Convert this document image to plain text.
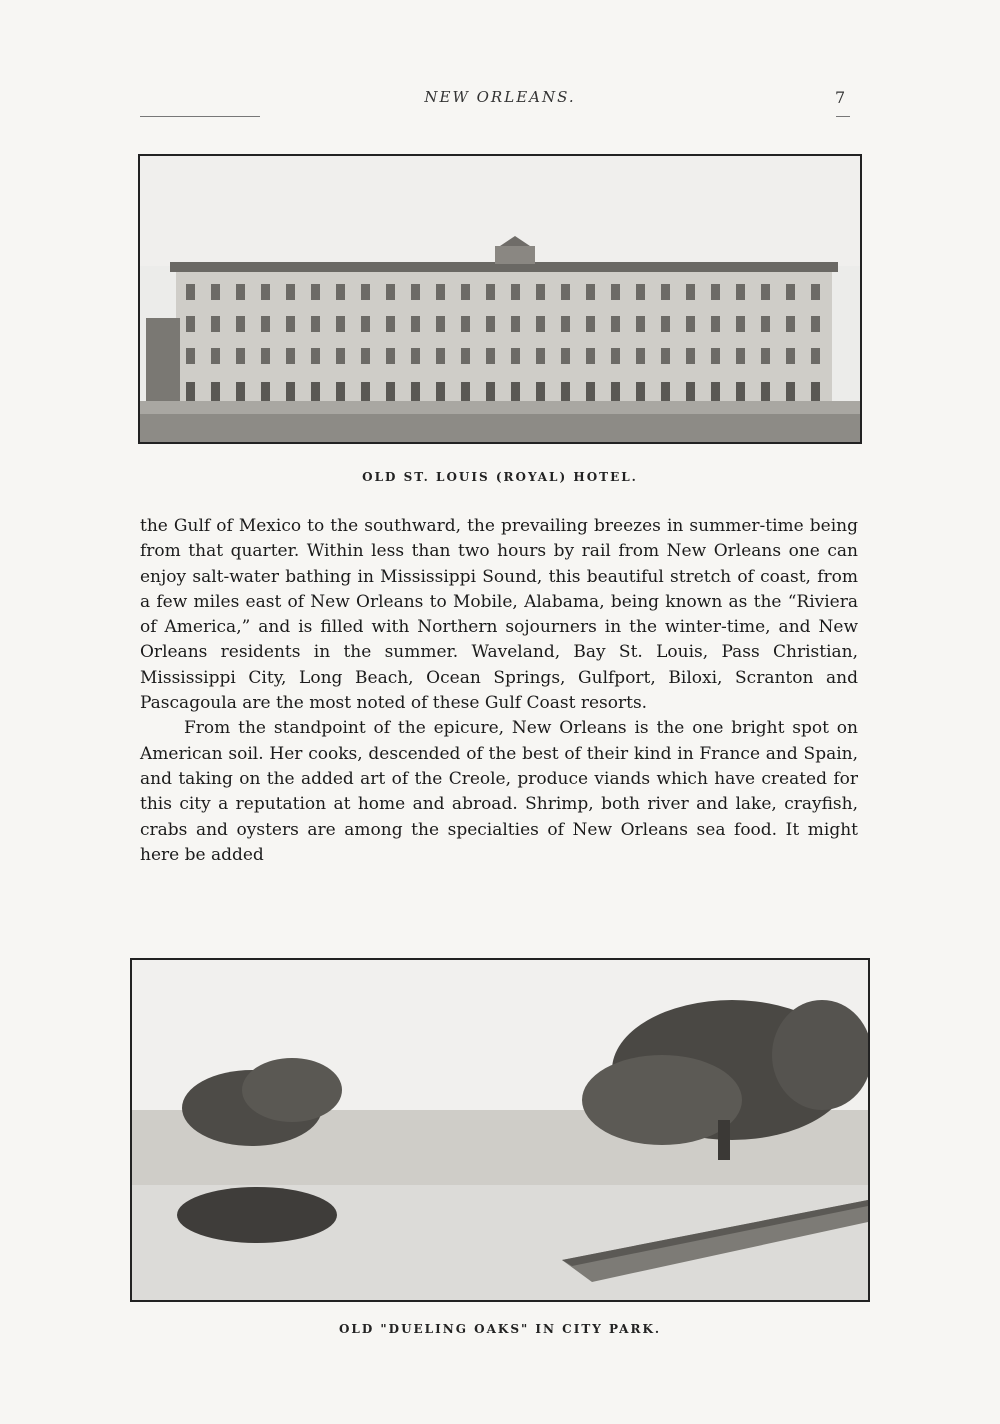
NEW ORLEANS.	7
OLD ST. LOUIS (ROYAL) HOTEL.

the Gulf of Mexico to the southward, the prevailing breezes in summer-time being from that quarter. Within less than two hours by rail from New Orleans one can enjoy salt-water bathing in Mississippi Sound, this beautiful stretch of coast, from a few miles east of New Orleans to Mobile, Alabama, being known as the “Riviera of America,” and is filled with Northern sojourners in the winter-time, and New Orleans residents in the summer. Waveland, Bay St. Louis, Pass Christian, Mississippi City, Long Beach, Ocean Springs, Gulfport, Biloxi, Scranton and Pascagoula are the most noted of these Gulf Coast resorts.

From the standpoint of the epicure, New Orleans is the one bright spot on American soil. Her cooks, descended of the best of their kind in France and Spain, and taking on the added art of the Creole, produce viands which have created for this city a reputation at home and abroad. Shrimp, both river and lake, crayfish, crabs and oysters are among the specialties of New Orleans sea food. It might here be added

OLD "DUELING OAKS" IN CITY PARK.
